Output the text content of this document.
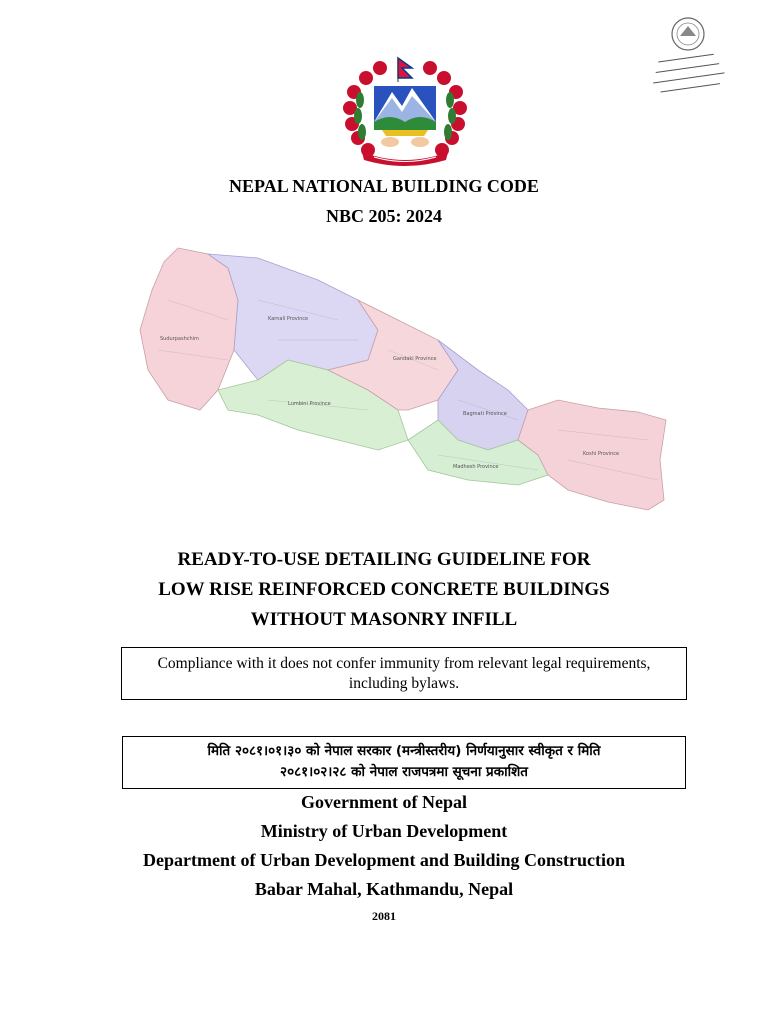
NEPAL NATIONAL BUILDING CODE
NBC 205: 2024
Sudurpashchim
Karnali Province
Lumbini Province
Gandaki Province
Bagmati Province
Madhesh Province
Koshi Province
READY-TO-USE DETAILING GUIDELINE FOR
LOW RISE REINFORCED CONCRETE BUILDINGS
WITHOUT MASONRY INFILL
Compliance with it does not confer immunity from relevant legal requirements,
including bylaws.
मिति २०८१।०१।३० को नेपाल सरकार (मन्त्रीस्तरीय) निर्णयानुसार स्वीकृत र मिति
२०८१।०२।२८ को नेपाल राजपत्रमा सूचना प्रकाशित
Government of Nepal
Ministry of Urban Development
Department of Urban Development and Building Construction
Babar Mahal, Kathmandu, Nepal
2081
